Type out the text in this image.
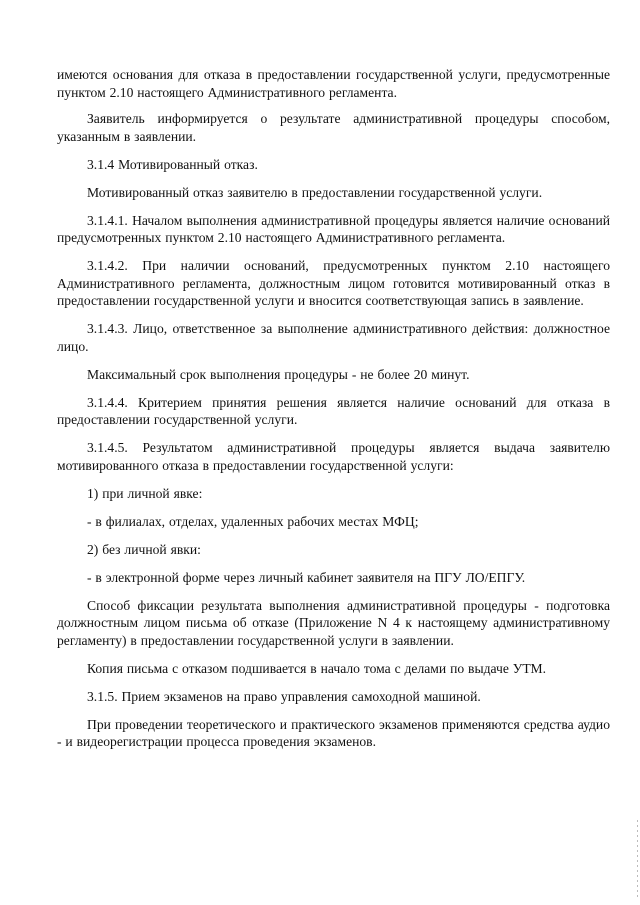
имеются основания для отказа в предоставлении государственной услуги, предусмотренные пунктом 2.10 настоящего Административного регламента.

Заявитель информируется о результате административной процедуры способом, указанным в заявлении.

3.1.4 Мотивированный отказ.

Мотивированный отказ заявителю в предоставлении государственной услуги.

3.1.4.1. Началом выполнения административной процедуры является наличие оснований предусмотренных пунктом 2.10 настоящего Административного регламента.

3.1.4.2. При наличии оснований, предусмотренных пунктом 2.10 настоящего Административного регламента, должностным лицом готовится мотивированный отказ в предоставлении государственной услуги и вносится соответствующая запись в заявление.

3.1.4.3. Лицо, ответственное за выполнение административного действия: должностное лицо.

Максимальный срок выполнения процедуры - не более 20 минут.

3.1.4.4. Критерием принятия решения является наличие оснований для отказа в предоставлении государственной услуги.

3.1.4.5. Результатом административной процедуры является выдача заявителю мотивированного отказа в предоставлении государственной услуги:

1) при личной явке:

- в филиалах, отделах, удаленных рабочих местах МФЦ;

2) без личной явки:

- в электронной форме через личный кабинет заявителя на ПГУ ЛО/ЕПГУ.

Способ фиксации результата выполнения административной процедуры - подготовка должностным лицом письма об отказе (Приложение N 4 к настоящему административному регламенту) в предоставлении государственной услуги в заявлении.

Копия письма с отказом подшивается в начало тома с делами по выдаче УТМ.

3.1.5. Прием экзаменов на право управления самоходной машиной.

При проведении теоретического и практического экзаменов применяются средства аудио - и видеорегистрации процесса проведения экзаменов.
